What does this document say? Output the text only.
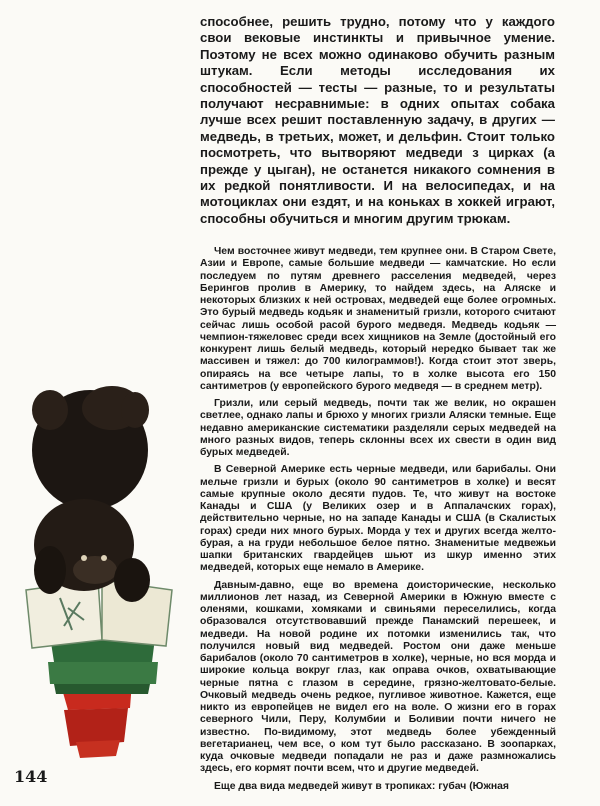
способнее, решить трудно, потому что у каждого свои вековые инстинкты и привычное умение. Поэтому не всех можно одинаково обучить разным штукам. Если методы исследования их способностей — тесты — разные, то и результаты получают несравнимые: в одних опытах собака лучше всех решит поставленную задачу, в других — медведь, в третьих, может, и дельфин. Стоит только посмотреть, что вытворяют медведи з цирках (а прежде у цыган), не останется никакого сомнения в их редкой понятливости. И на велосипедах, и на мотоциклах они ездят, и на коньках в хоккей играют, способны обучиться и многим другим трюкам.

Чем восточнее живут медведи, тем крупнее они. В Старом Свете, Азии и Европе, самые большие медведи — камчатские. Но если последуем по путям древнего расселения медведей, через Берингов пролив в Америку, то найдем здесь, на Аляске и некоторых близких к ней островах, медведей еще более огромных. Это бурый медведь кодьяк и знаменитый гризли, которого считают сейчас лишь особой расой бурого медведя. Медведь кодьяк — чемпион-тяжеловес среди всех хищников на Земле (достойный его конкурент лишь белый медведь, который нередко бывает так же массивен и тяжел: до 700 килограммов!). Когда стоит этот зверь, опираясь на все четыре лапы, то в холке высота его 150 сантиметров (у европейского бурого медведя — в среднем метр).

Гризли, или серый медведь, почти так же велик, но окрашен светлее, однако лапы и брюхо у многих гризли Аляски темные. Еще недавно американские систематики разделяли серых медведей на много разных видов, теперь склонны всех их свести в один вид бурых медведей.

В Северной Америке есть черные медведи, или барибалы. Они мельче гризли и бурых (около 90 сантиметров в холке) и весят самые крупные около десяти пудов. Те, что живут на востоке Канады и США (у Великих озер и в Аппалачских горах), действительно черные, но на западе Канады и США (в Скалистых горах) среди них много бурых. Морда у тех и других всегда желто-бурая, а на груди небольшое белое пятно. Знаменитые медвежьи шапки британских гвардейцев шьют из шкур именно этих медведей, которых еще немало в Америке.

Давным-давно, еще во времена доисторические, несколько миллионов лет назад, из Северной Америки в Южную вместе с оленями, кошками, хомяками и свиньями переселились, когда образовался отсутствовавший прежде Панамский перешеек, и медведи. На новой родине их потомки изменились так, что получился новый вид медведей. Ростом они даже меньше барибалов (около 70 сантиметров в холке), черные, но вся морда и широкие кольца вокруг глаз, как оправа очков, охватывающие черные пятна с глазом в середине, грязно-желтовато-белые. Очковый медведь очень редкое, пугливое животное. Кажется, еще никто из европейцев не видел его на воле. О жизни его в горах северного Чили, Перу, Колумбии и Боливии почти ничего не известно. По-видимому, этот медведь более убежденный вегетарианец, чем все, о ком тут было рассказано. В зоопарках, куда очковые медведи попадали не раз и даже размножались здесь, его кормят почти всем, что и другие медведей.

Еще два вида медведей живут в тропиках: губач (Южная

144
